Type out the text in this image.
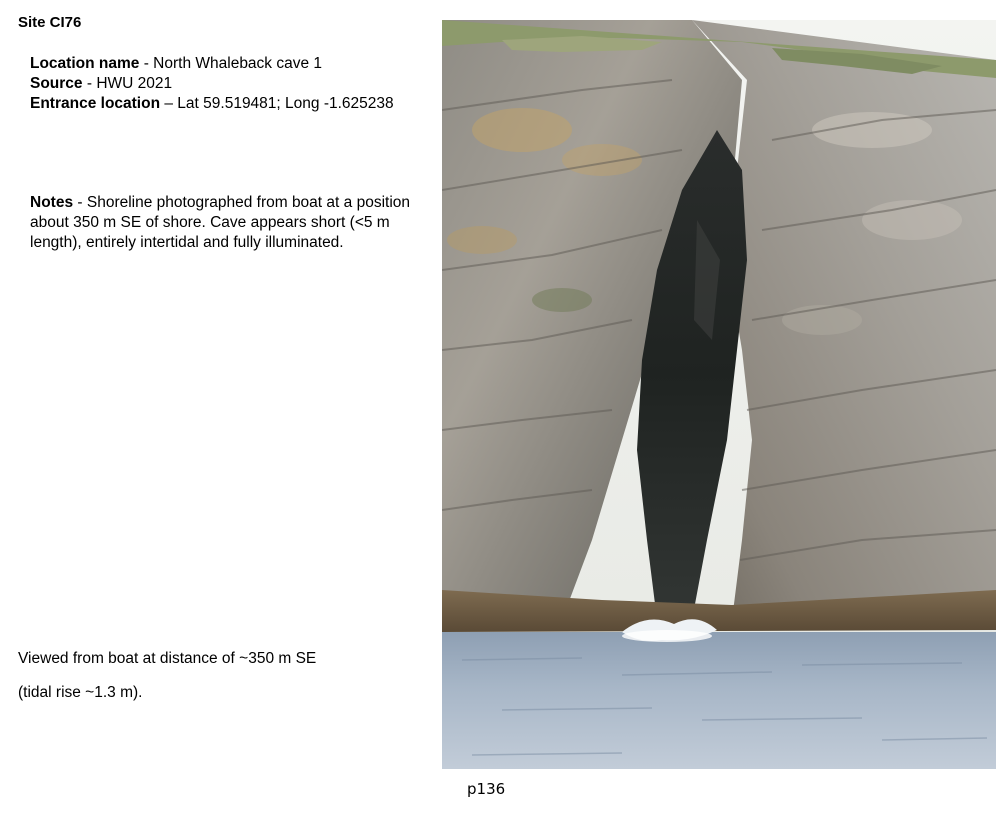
Site CI76
Location name - North Whaleback cave 1
Source - HWU 2021
Entrance location – Lat 59.519481; Long -1.625238
Notes - Shoreline photographed from boat at a position about 350 m SE of shore. Cave appears short (<5 m length), entirely intertidal and fully illuminated.
Viewed from boat at distance of ~350 m SE
(tidal rise ~1.3 m).
p136
